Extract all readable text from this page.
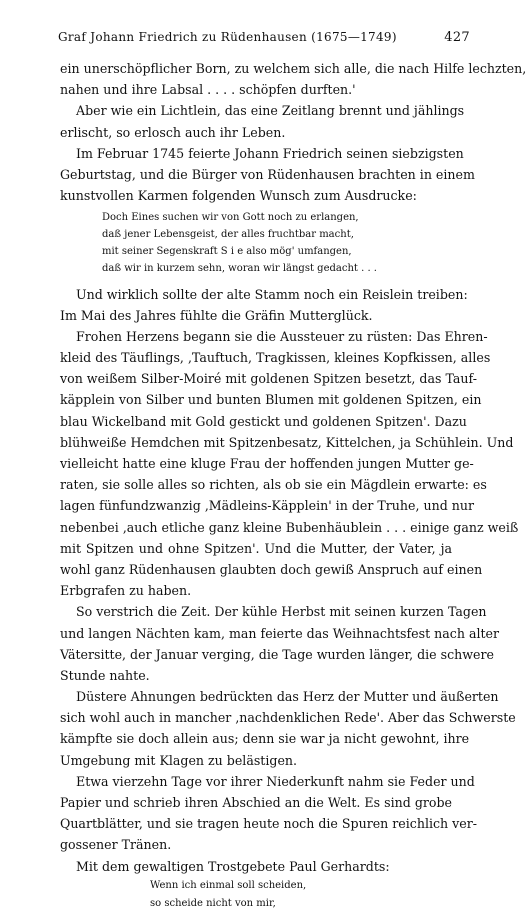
Graf Johann Friedrich zu Rüdenhausen (1675—1749)	427
ein unerschöpflicher Born, zu welchem sich alle, die nach Hilfe lechzten,
nahen und ihre Labsal . . . . schöpfen durften.'
Aber wie ein Lichtlein, das eine Zeitlang brennt und jählings
erlischt, so erlosch auch ihr Leben.
Im Februar 1745 feierte Johann Friedrich seinen siebzigsten
Geburtstag, und die Bürger von Rüdenhausen brachten in einem
kunstvollen Karmen folgenden Wunsch zum Ausdrucke:
Doch Eines suchen wir von Gott noch zu erlangen,
daß jener Lebensgeist, der alles fruchtbar macht,
mit seiner Segenskraft S i e also mög' umfangen,
daß wir in kurzem sehn, woran wir längst gedacht . . .
Und wirklich sollte der alte Stamm noch ein Reislein treiben:
Im Mai des Jahres fühlte die Gräfin Mutterglück.
Frohen Herzens begann sie die Aussteuer zu rüsten: Das Ehren-
kleid des Täuflings, ‚Tauftuch, Tragkissen, kleines Kopfkissen, alles
von weißem Silber-Moiré mit goldenen Spitzen besetzt, das Tauf-
käpplein von Silber und bunten Blumen mit goldenen Spitzen, ein
blau Wickelband mit Gold gestickt und goldenen Spitzen'. Dazu
blühweiße Hemdchen mit Spitzenbesatz, Kittelchen, ja Schühlein. Und
vielleicht hatte eine kluge Frau der hoffenden jungen Mutter ge-
raten, sie solle alles so richten, als ob sie ein Mägdlein erwarte: es
lagen fünfundzwanzig ‚Mädleins-Käpplein' in der Truhe, und nur
nebenbei ‚auch etliche ganz kleine Bubenhäublein . . . einige ganz weiß
mit Spitzen und ohne Spitzen'. Und die Mutter, der Vater, ja
wohl ganz Rüdenhausen glaubten doch gewiß Anspruch auf einen
Erbgrafen zu haben.
So verstrich die Zeit. Der kühle Herbst mit seinen kurzen Tagen
und langen Nächten kam, man feierte das Weihnachtsfest nach alter
Vätersitte, der Januar verging, die Tage wurden länger, die schwere
Stunde nahte.
Düstere Ahnungen bedrückten das Herz der Mutter und äußerten
sich wohl auch in mancher ‚nachdenklichen Rede'. Aber das Schwerste
kämpfte sie doch allein aus; denn sie war ja nicht gewohnt, ihre
Umgebung mit Klagen zu belästigen.
Etwa vierzehn Tage vor ihrer Niederkunft nahm sie Feder und
Papier und schrieb ihren Abschied an die Welt. Es sind grobe
Quartblätter, und sie tragen heute noch die Spuren reichlich ver-
gossener Tränen.
Mit dem gewaltigen Trostgebete Paul Gerhardts:
Wenn ich einmal soll scheiden,
so scheide nicht von mir,
